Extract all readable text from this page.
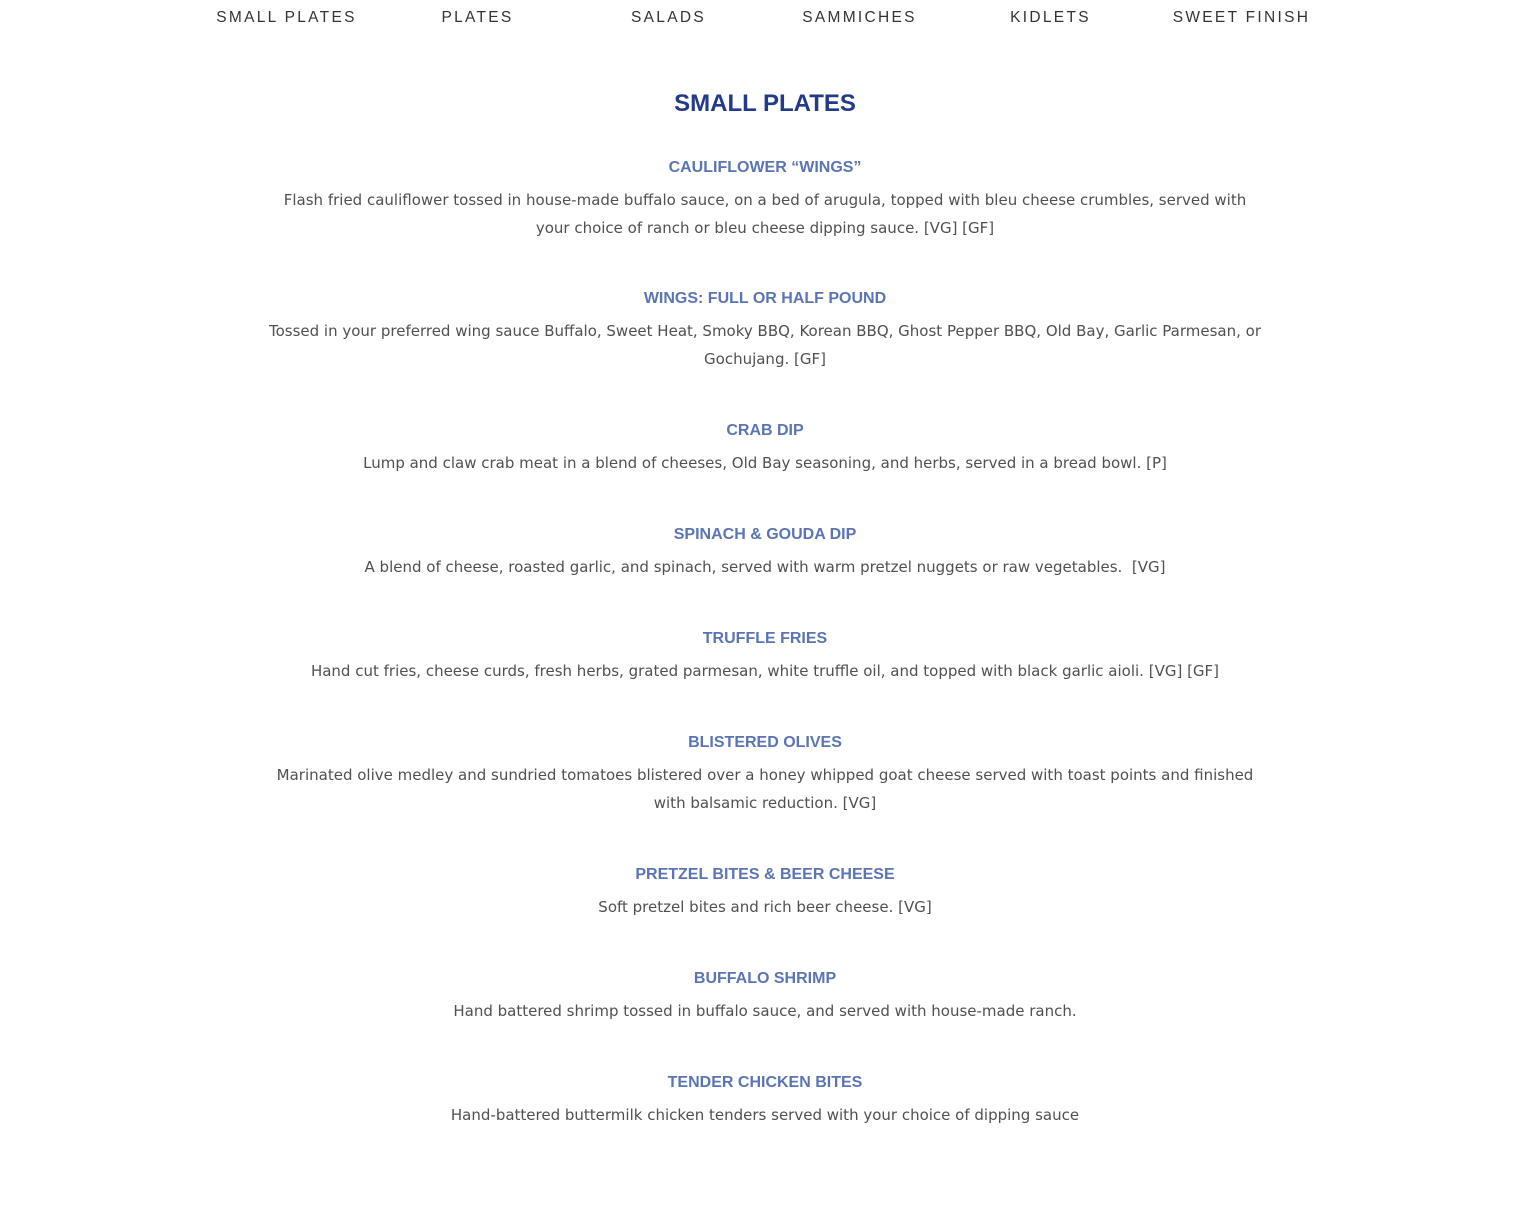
SMALL PLATES	PLATES	SALADS	SAMMICHES	KIDLETS	SWEET FINISH
SMALL PLATES
CAULIFLOWER “WINGS”

Flash fried cauliflower tossed in house-made buffalo sauce, on a bed of arugula, topped with bleu cheese crumbles, served with your choice of ranch or bleu cheese dipping sauce. [VG] [GF]

WINGS: FULL OR HALF POUND

Tossed in your preferred wing sauce Buffalo, Sweet Heat, Smoky BBQ, Korean BBQ, Ghost Pepper BBQ, Old Bay, Garlic Parmesan, or Gochujang. [GF]

CRAB DIP

Lump and claw crab meat in a blend of cheeses, Old Bay seasoning, and herbs, served in a bread bowl. [P]

SPINACH & GOUDA DIP

A blend of cheese, roasted garlic, and spinach, served with warm pretzel nuggets or raw vegetables.  [VG]

TRUFFLE FRIES

Hand cut fries, cheese curds, fresh herbs, grated parmesan, white truffle oil, and topped with black garlic aioli. [VG] [GF]

BLISTERED OLIVES

Marinated olive medley and sundried tomatoes blistered over a honey whipped goat cheese served with toast points and finished with balsamic reduction. [VG]

PRETZEL BITES & BEER CHEESE

Soft pretzel bites and rich beer cheese. [VG]

BUFFALO SHRIMP

Hand battered shrimp tossed in buffalo sauce, and served with house-made ranch.

TENDER CHICKEN BITES

Hand-battered buttermilk chicken tenders served with your choice of dipping sauce
